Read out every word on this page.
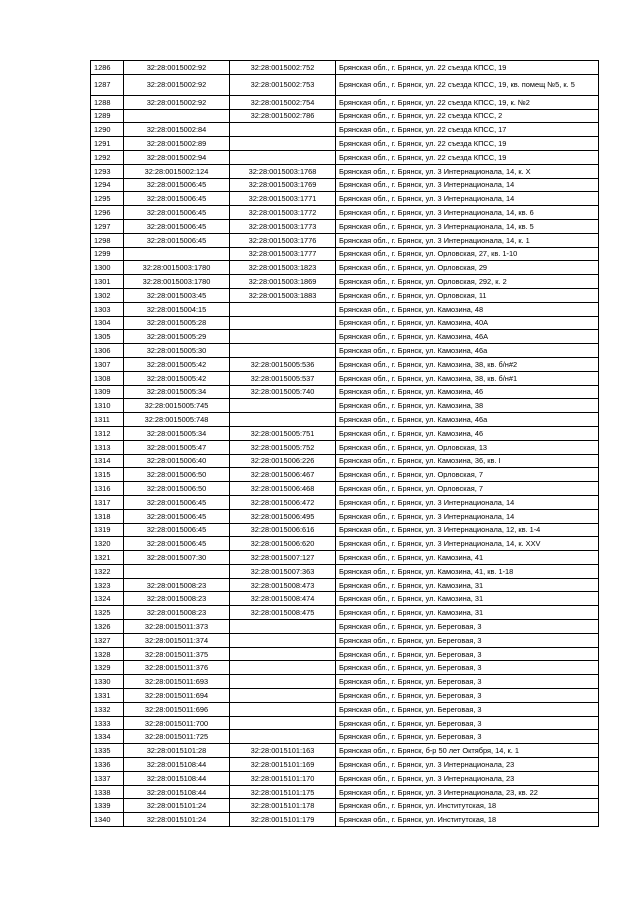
1286	32:28:0015002:92	32:28:0015002:752	Брянская обл., г. Брянск, ул. 22 съезда КПСС, 19
1287	32:28:0015002:92	32:28:0015002:753	Брянская обл., г. Брянск, ул. 22 съезда КПСС, 19, кв. помещ №5, к. 5
1288	32:28:0015002:92	32:28:0015002:754	Брянская обл., г. Брянск, ул. 22 съезда КПСС, 19, к. №2
1289		32:28:0015002:786	Брянская обл., г. Брянск, ул. 22 съезда КПСС, 2
1290	32:28:0015002:84		Брянская обл., г. Брянск, ул. 22 съезда КПСС, 17
1291	32:28:0015002:89		Брянская обл., г. Брянск, ул. 22 съезда КПСС, 19
1292	32:28:0015002:94		Брянская обл., г. Брянск, ул. 22 съезда КПСС, 19
1293	32:28:0015002:124	32:28:0015003:1768	Брянская обл., г. Брянск, ул. 3 Интернационала, 14, к. X
1294	32:28:0015006:45	32:28:0015003:1769	Брянская обл., г. Брянск, ул. 3 Интернационала, 14
1295	32:28:0015006:45	32:28:0015003:1771	Брянская обл., г. Брянск, ул. 3 Интернационала, 14
1296	32:28:0015006:45	32:28:0015003:1772	Брянская обл., г. Брянск, ул. 3 Интернационала, 14, кв. 6
1297	32:28:0015006:45	32:28:0015003:1773	Брянская обл., г. Брянск, ул. 3 Интернационала, 14, кв. 5
1298	32:28:0015006:45	32:28:0015003:1776	Брянская обл., г. Брянск, ул. 3 Интернационала, 14, к. 1
1299		32:28:0015003:1777	Брянская обл., г. Брянск, ул. Орловская, 27, кв. 1-10
1300	32:28:0015003:1780	32:28:0015003:1823	Брянская обл., г. Брянск, ул. Орловская, 29
1301	32:28:0015003:1780	32:28:0015003:1869	Брянская обл., г. Брянск, ул. Орловская, 292, к. 2
1302	32:28:0015003:45	32:28:0015003:1883	Брянская обл., г. Брянск, ул. Орловская, 11
1303	32:28:0015004:15		Брянская обл., г. Брянск, ул. Камозина, 48
1304	32:28:0015005:28		Брянская обл., г. Брянск, ул. Камозина, 40А
1305	32:28:0015005:29		Брянская обл., г. Брянск, ул. Камозина, 46А
1306	32:28:0015005:30		Брянская обл., г. Брянск, ул. Камозина, 46а
1307	32:28:0015005:42	32:28:0015005:536	Брянская обл., г. Брянск, ул. Камозина, 38, кв. б/н#2
1308	32:28:0015005:42	32:28:0015005:537	Брянская обл., г. Брянск, ул. Камозина, 38, кв. б/н#1
1309	32:28:0015005:34	32:28:0015005:740	Брянская обл., г. Брянск, ул. Камозина, 46
1310	32:28:0015005:745		Брянская обл., г. Брянск, ул. Камозина, 38
1311	32:28:0015005:748		Брянская обл., г. Брянск, ул. Камозина, 46а
1312	32:28:0015005:34	32:28:0015005:751	Брянская обл., г. Брянск, ул. Камозина, 46
1313	32:28:0015005:47	32:28:0015005:752	Брянская обл., г. Брянск, ул. Орловская, 13
1314	32:28:0015006:40	32:28:0015006:226	Брянская обл., г. Брянск, ул. Камозина, 36, кв. I
1315	32:28:0015006:50	32:28:0015006:467	Брянская обл., г. Брянск, ул. Орловская, 7
1316	32:28:0015006:50	32:28:0015006:468	Брянская обл., г. Брянск, ул. Орловская, 7
1317	32:28:0015006:45	32:28:0015006:472	Брянская обл., г. Брянск, ул. 3 Интернационала, 14
1318	32:28:0015006:45	32:28:0015006:495	Брянская обл., г. Брянск, ул. 3 Интернационала, 14
1319	32:28:0015006:45	32:28:0015006:616	Брянская обл., г. Брянск, ул. 3 Интернационала, 12, кв. 1-4
1320	32:28:0015006:45	32:28:0015006:620	Брянская обл., г. Брянск, ул. 3 Интернационала, 14, к. XXV
1321	32:28:0015007:30	32:28:0015007:127	Брянская обл., г. Брянск, ул. Камозина, 41
1322		32:28:0015007:363	Брянская обл., г. Брянск, ул. Камозина, 41, кв. 1-18
1323	32:28:0015008:23	32:28:0015008:473	Брянская обл., г. Брянск, ул. Камозина, 31
1324	32:28:0015008:23	32:28:0015008:474	Брянская обл., г. Брянск, ул. Камозина, 31
1325	32:28:0015008:23	32:28:0015008:475	Брянская обл., г. Брянск, ул. Камозина, 31
1326	32:28:0015011:373		Брянская обл., г. Брянск, ул. Береговая, 3
1327	32:28:0015011:374		Брянская обл., г. Брянск, ул. Береговая, 3
1328	32:28:0015011:375		Брянская обл., г. Брянск, ул. Береговая, 3
1329	32:28:0015011:376		Брянская обл., г. Брянск, ул. Береговая, 3
1330	32:28:0015011:693		Брянская обл., г. Брянск, ул. Береговая, 3
1331	32:28:0015011:694		Брянская обл., г. Брянск, ул. Береговая, 3
1332	32:28:0015011:696		Брянская обл., г. Брянск, ул. Береговая, 3
1333	32:28:0015011:700		Брянская обл., г. Брянск, ул. Береговая, 3
1334	32:28:0015011:725		Брянская обл., г. Брянск, ул. Береговая, 3
1335	32:28:0015101:28	32:28:0015101:163	Брянская обл., г. Брянск, б-р 50 лет Октября, 14, к. 1
1336	32:28:0015108:44	32:28:0015101:169	Брянская обл., г. Брянск, ул. 3 Интернационала, 23
1337	32:28:0015108:44	32:28:0015101:170	Брянская обл., г. Брянск, ул. 3 Интернационала, 23
1338	32:28:0015108:44	32:28:0015101:175	Брянская обл., г. Брянск, ул. 3 Интернационала, 23, кв. 22
1339	32:28:0015101:24	32:28:0015101:178	Брянская обл., г. Брянск, ул. Институтская, 18
1340	32:28:0015101:24	32:28:0015101:179	Брянская обл., г. Брянск, ул. Институтская, 18
